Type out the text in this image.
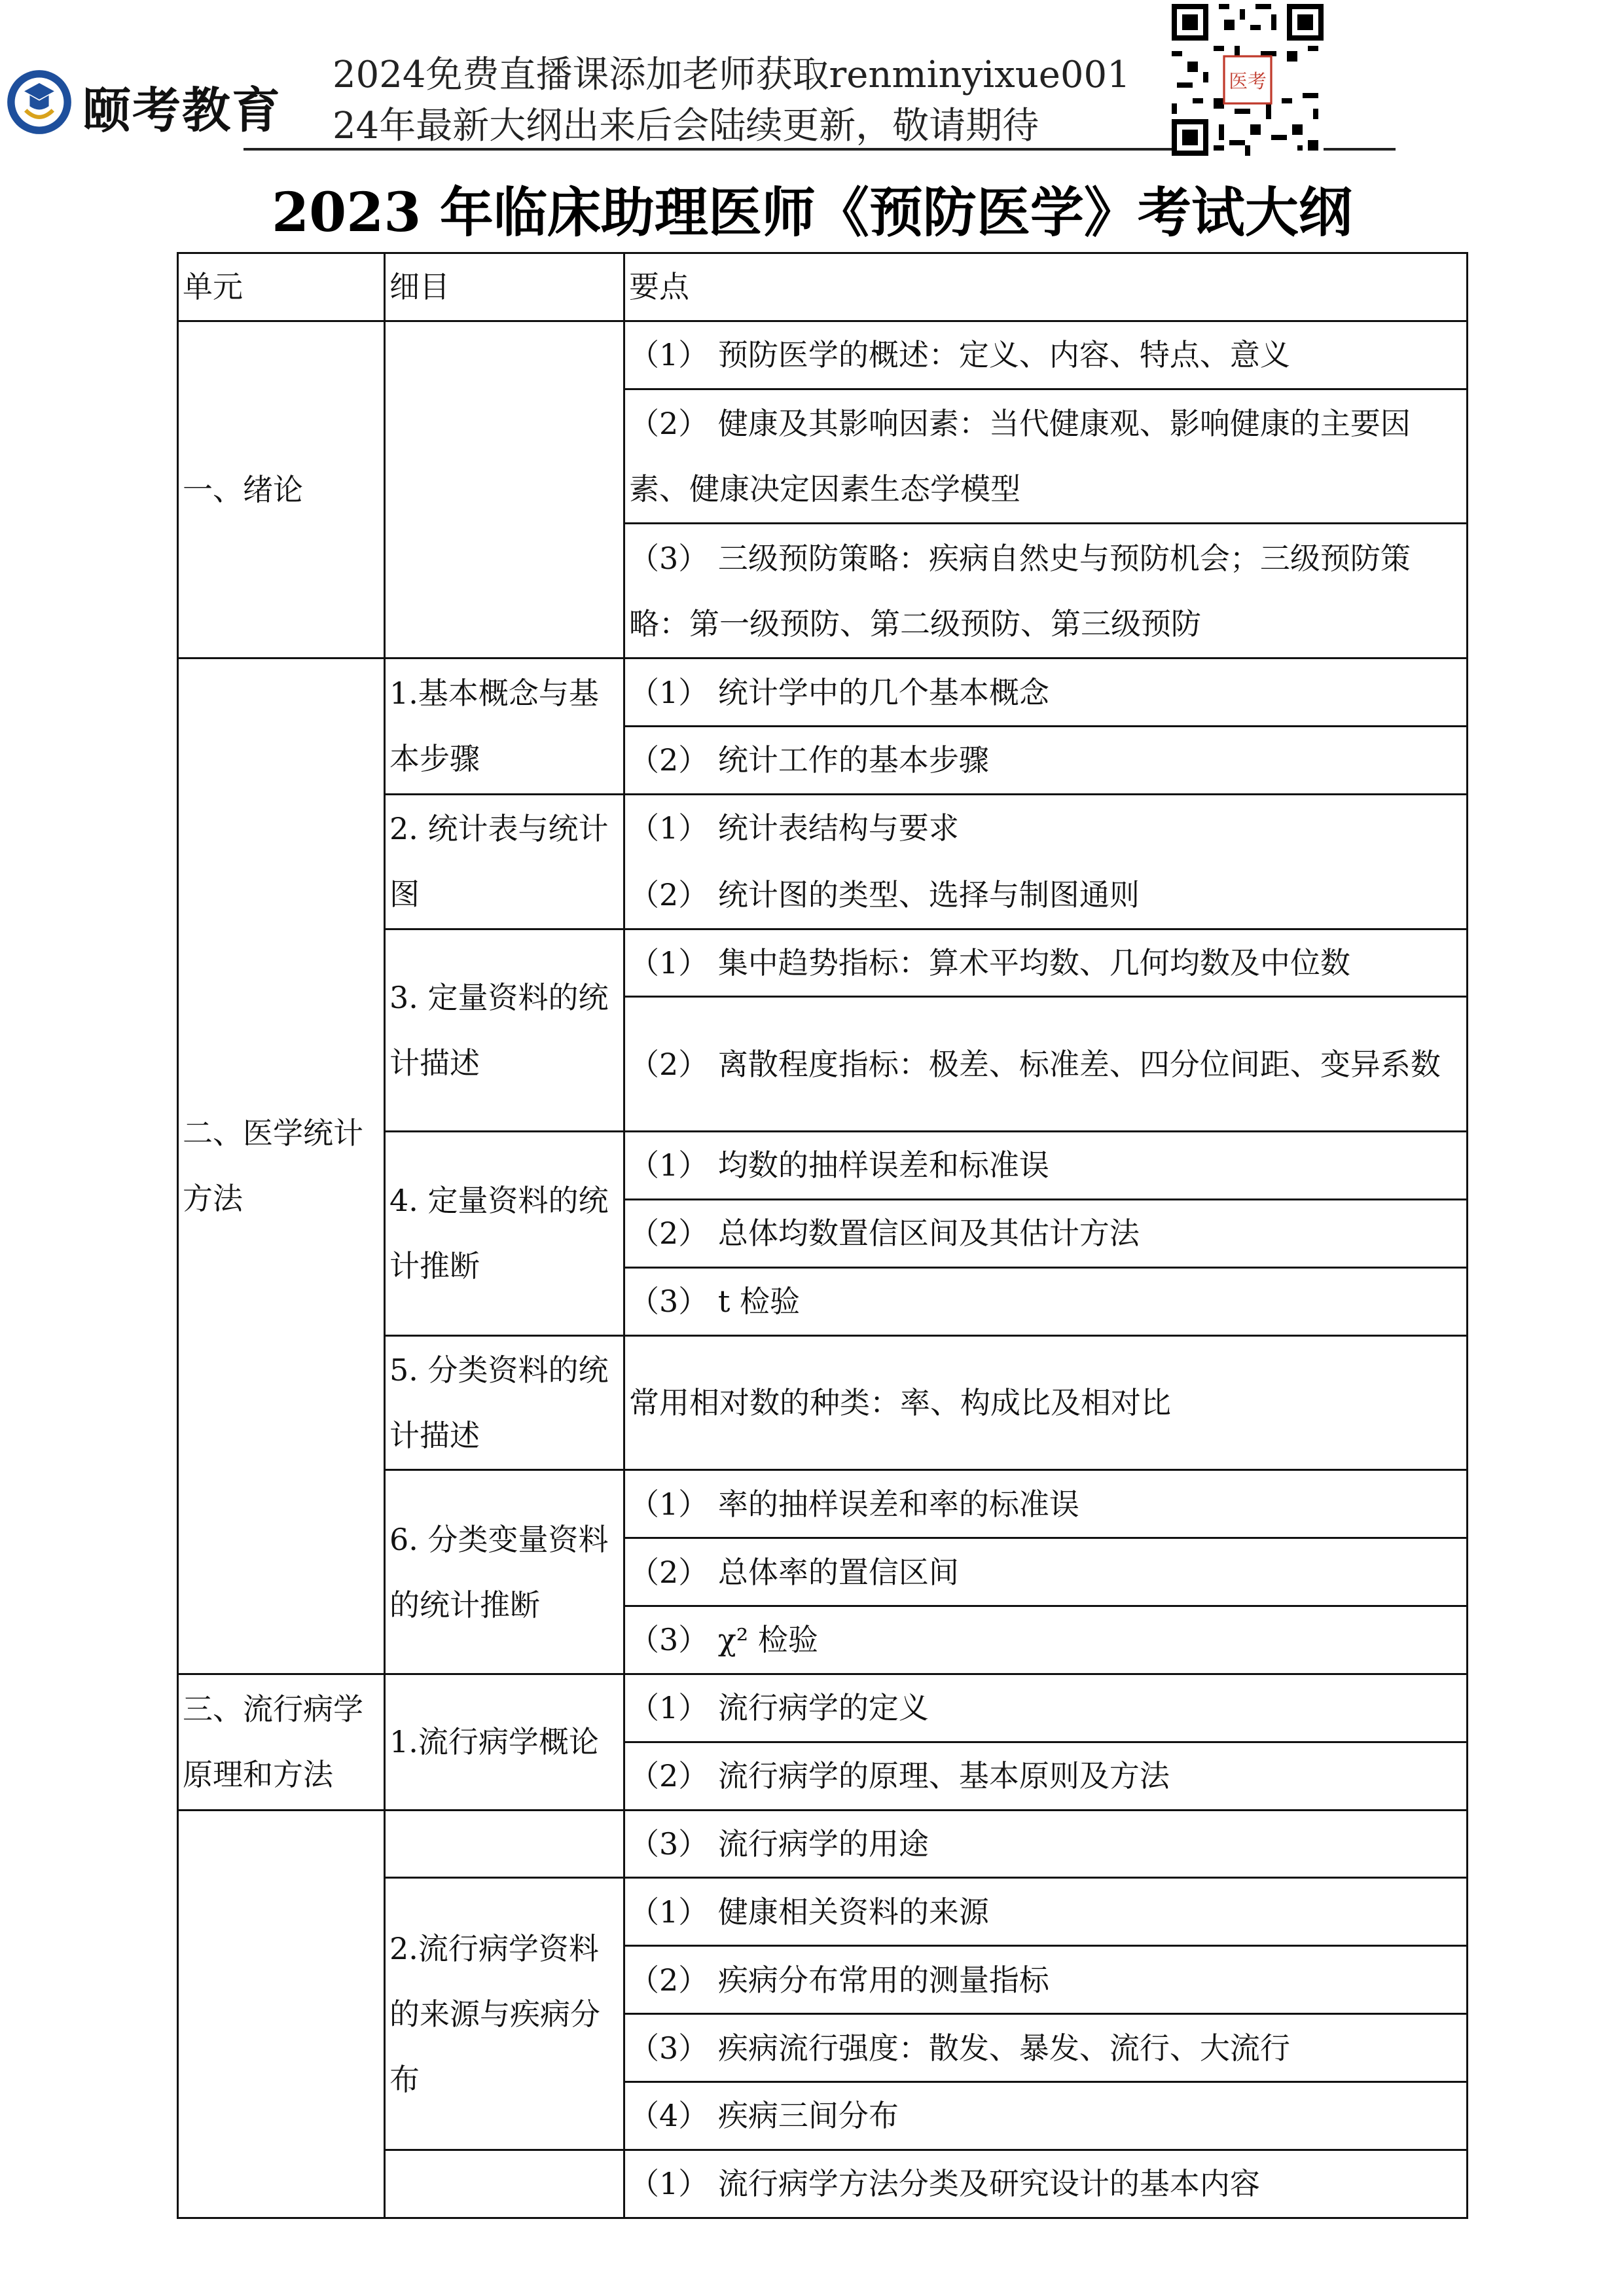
颐考教育
2024免费直播课添加老师获取renminyixue001
24年最新大纲出来后会陆续更新，敬请期待
医考
2023 年临床助理医师《预防医学》考试大纲
单元	细目	要点
一、绪论		（1） 预防医学的概述：定义、内容、特点、意义
		（2） 健康及其影响因素：当代健康观、影响健康的主要因素、健康决定因素生态学模型

		（3） 三级预防策略：疾病自然史与预防机会；三级预防策略：第一级预防、第二级预防、第三级预防

二、医学统计方法	1.基本概念与基本步骤	（1） 统计学中的几个基本概念
		（2） 统计工作的基本步骤
	2. 统计表与统计图	（1） 统计表结构与要求
		（2） 统计图的类型、选择与制图通则
	3. 定量资料的统计描述	（1） 集中趋势指标：算术平均数、几何均数及中位数
		（2） 离散程度指标：极差、标准差、四分位间距、变异系数

	4. 定量资料的统计推断	（1） 均数的抽样误差和标准误
		（2） 总体均数置信区间及其估计方法
		（3） t 检验
	5. 分类资料的统计描述	常用相对数的种类：率、构成比及相对比

	6. 分类变量资料的统计推断	（1） 率的抽样误差和率的标准误
		（2） 总体率的置信区间
		（3） χ² 检验
三、流行病学原理和方法	1.流行病学概论	（1） 流行病学的定义
		（2） 流行病学的原理、基本原则及方法
		（3） 流行病学的用途
	2.流行病学资料的来源与疾病分布	（1） 健康相关资料的来源
		（2） 疾病分布常用的测量指标
		（3） 疾病流行强度：散发、暴发、流行、大流行
		（4） 疾病三间分布
		（1） 流行病学方法分类及研究设计的基本内容
